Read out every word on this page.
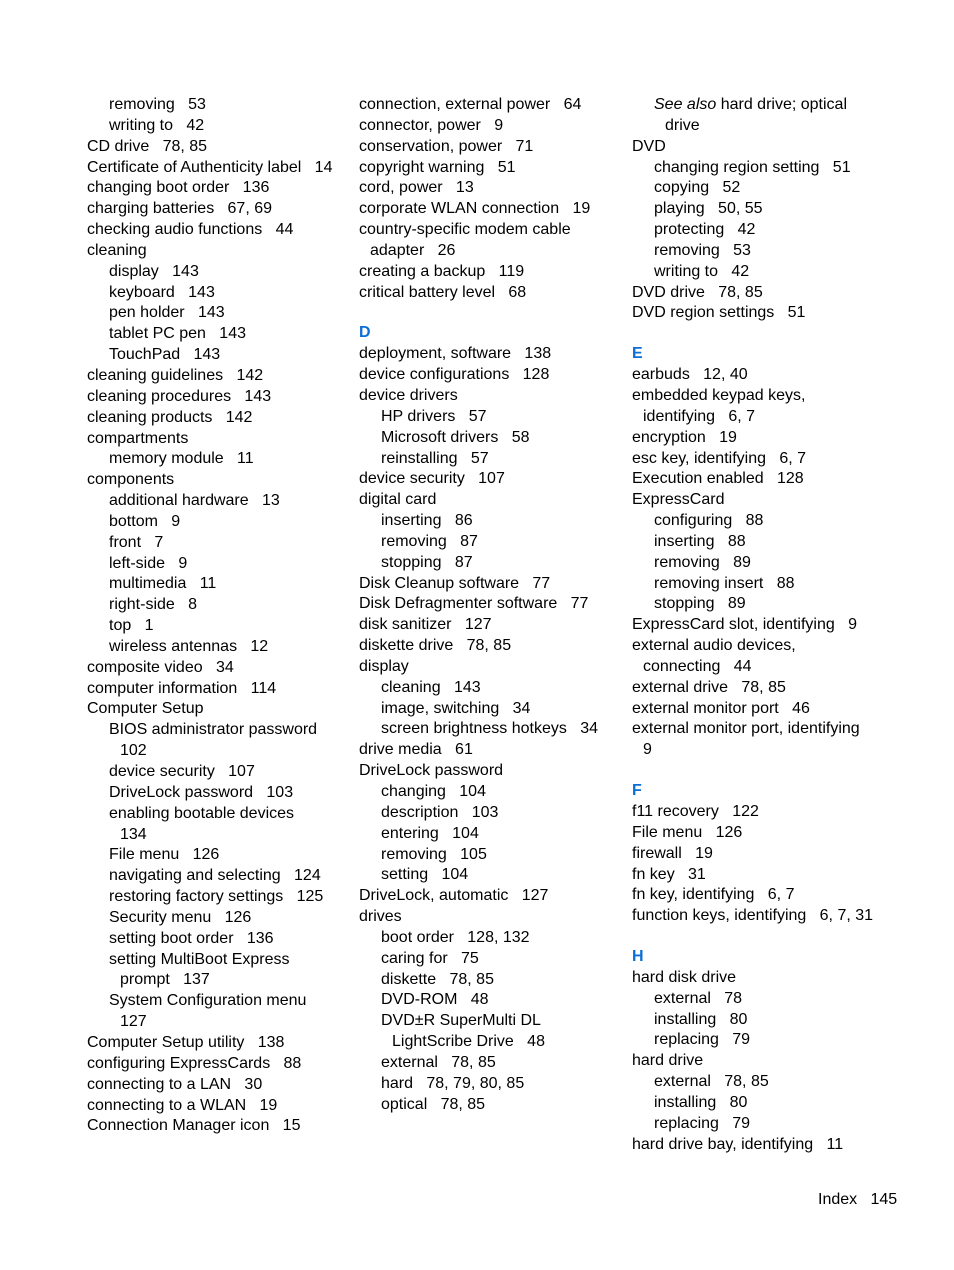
removing   53
writing to   42
CD drive   78, 85
Certificate of Authenticity label   14
changing boot order   136
charging batteries   67, 69
checking audio functions   44
cleaning
display   143
keyboard   143
pen holder   143
tablet PC pen   143
TouchPad   143
cleaning guidelines   142
cleaning procedures   143
cleaning products   142
compartments
memory module   11
components
additional hardware   13
bottom   9
front   7
left-side   9
multimedia   11
right-side   8
top   1
wireless antennas   12
composite video   34
computer information   114
Computer Setup
BIOS administrator password
102
device security   107
DriveLock password   103
enabling bootable devices
134
File menu   126
navigating and selecting   124
restoring factory settings   125
Security menu   126
setting boot order   136
setting MultiBoot Express
prompt   137
System Configuration menu
127
Computer Setup utility   138
configuring ExpressCards   88
connecting to a LAN   30
connecting to a WLAN   19
Connection Manager icon   15
connection, external power   64
connector, power   9
conservation, power   71
copyright warning   51
cord, power   13
corporate WLAN connection   19
country-specific modem cable
adapter   26
creating a backup   119
critical battery level   68
D
deployment, software   138
device configurations   128
device drivers
HP drivers   57
Microsoft drivers   58
reinstalling   57
device security   107
digital card
inserting   86
removing   87
stopping   87
Disk Cleanup software   77
Disk Defragmenter software   77
disk sanitizer   127
diskette drive   78, 85
display
cleaning   143
image, switching   34
screen brightness hotkeys   34
drive media   61
DriveLock password
changing   104
description   103
entering   104
removing   105
setting   104
DriveLock, automatic   127
drives
boot order   128, 132
caring for   75
diskette   78, 85
DVD-ROM   48
DVD±R SuperMulti DL
LightScribe Drive   48
external   78, 85
hard   78, 79, 80, 85
optical   78, 85
See also hard drive; optical
drive
DVD
changing region setting   51
copying   52
playing   50, 55
protecting   42
removing   53
writing to   42
DVD drive   78, 85
DVD region settings   51
E
earbuds   12, 40
embedded keypad keys,
identifying   6, 7
encryption   19
esc key, identifying   6, 7
Execution enabled   128
ExpressCard
configuring   88
inserting   88
removing   89
removing insert   88
stopping   89
ExpressCard slot, identifying   9
external audio devices,
connecting   44
external drive   78, 85
external monitor port   46
external monitor port, identifying
9
F
f11 recovery   122
File menu   126
firewall   19
fn key   31
fn key, identifying   6, 7
function keys, identifying   6, 7, 31
H
hard disk drive
external   78
installing   80
replacing   79
hard drive
external   78, 85
installing   80
replacing   79
hard drive bay, identifying   11
Index 145
